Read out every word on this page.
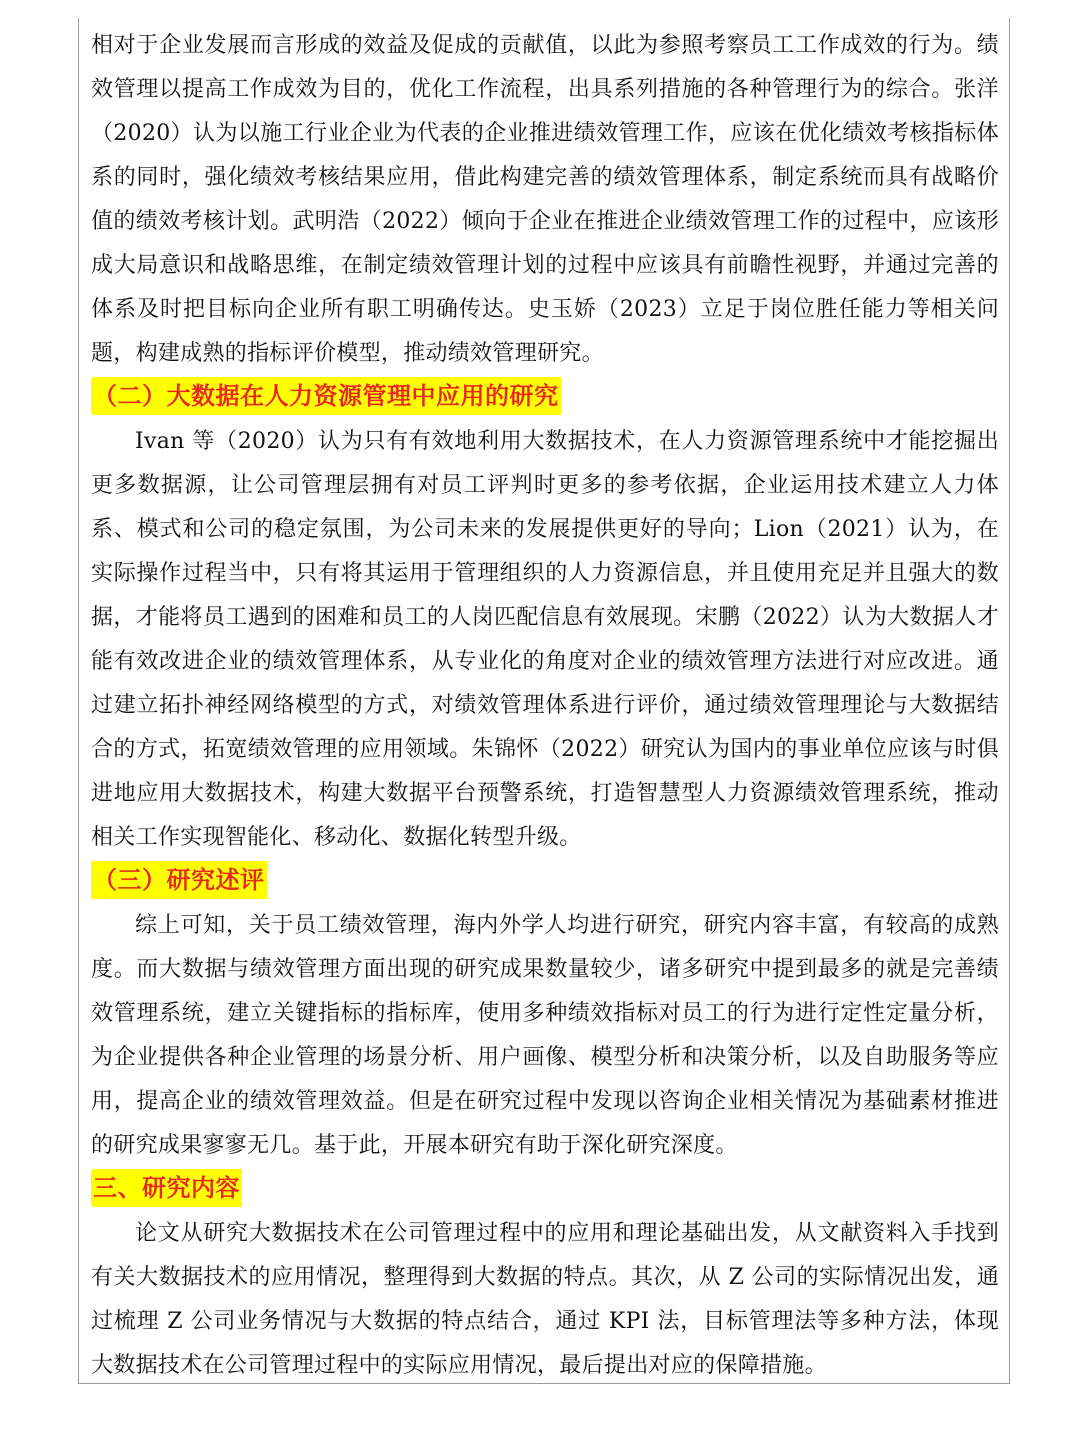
相对于企业发展而言形成的效益及促成的贡献值，以此为参照考察员工工作成效的行为。绩效管理以提高工作成效为目的，优化工作流程，出具系列措施的各种管理行为的综合。张洋（2020）认为以施工行业企业为代表的企业推进绩效管理工作，应该在优化绩效考核指标体系的同时，强化绩效考核结果应用，借此构建完善的绩效管理体系，制定系统而具有战略价值的绩效考核计划。武明浩（2022）倾向于企业在推进企业绩效管理工作的过程中，应该形成大局意识和战略思维，在制定绩效管理计划的过程中应该具有前瞻性视野，并通过完善的体系及时把目标向企业所有职工明确传达。史玉娇（2023）立足于岗位胜任能力等相关问题，构建成熟的指标评价模型，推动绩效管理研究。

（二）大数据在人力资源管理中应用的研究

Ivan 等（2020）认为只有有效地利用大数据技术，在人力资源管理系统中才能挖掘出更多数据源，让公司管理层拥有对员工评判时更多的参考依据，企业运用技术建立人力体系、模式和公司的稳定氛围，为公司未来的发展提供更好的导向；Lion（2021）认为，在实际操作过程当中，只有将其运用于管理组织的人力资源信息，并且使用充足并且强大的数据，才能将员工遇到的困难和员工的人岗匹配信息有效展现。宋鹏（2022）认为大数据人才能有效改进企业的绩效管理体系，从专业化的角度对企业的绩效管理方法进行对应改进。通过建立拓扑神经网络模型的方式，对绩效管理体系进行评价，通过绩效管理理论与大数据结合的方式，拓宽绩效管理的应用领域。朱锦怀（2022）研究认为国内的事业单位应该与时俱进地应用大数据技术，构建大数据平台预警系统，打造智慧型人力资源绩效管理系统，推动相关工作实现智能化、移动化、数据化转型升级。

（三）研究述评

综上可知，关于员工绩效管理，海内外学人均进行研究，研究内容丰富，有较高的成熟度。而大数据与绩效管理方面出现的研究成果数量较少，诸多研究中提到最多的就是完善绩效管理系统，建立关键指标的指标库，使用多种绩效指标对员工的行为进行定性定量分析，为企业提供各种企业管理的场景分析、用户画像、模型分析和决策分析，以及自助服务等应用，提高企业的绩效管理效益。但是在研究过程中发现以咨询企业相关情况为基础素材推进的研究成果寥寥无几。基于此，开展本研究有助于深化研究深度。

三、研究内容

论文从研究大数据技术在公司管理过程中的应用和理论基础出发，从文献资料入手找到有关大数据技术的应用情况，整理得到大数据的特点。其次，从 Z 公司的实际情况出发，通过梳理 Z 公司业务情况与大数据的特点结合，通过 KPI 法，目标管理法等多种方法，体现大数据技术在公司管理过程中的实际应用情况，最后提出对应的保障措施。
